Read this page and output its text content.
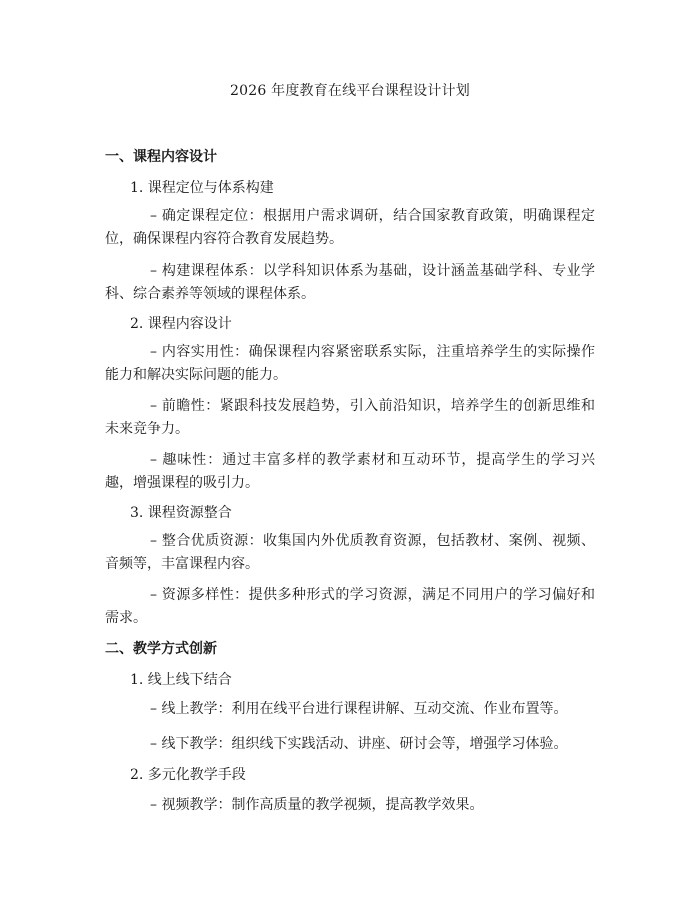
2026 年度教育在线平台课程设计计划
一、课程内容设计
1. 课程定位与体系构建
– 确定课程定位：根据用户需求调研，结合国家教育政策，明确课程定位，确保课程内容符合教育发展趋势。
– 构建课程体系：以学科知识体系为基础，设计涵盖基础学科、专业学科、综合素养等领域的课程体系。
2. 课程内容设计
– 内容实用性：确保课程内容紧密联系实际，注重培养学生的实际操作能力和解决实际问题的能力。
– 前瞻性：紧跟科技发展趋势，引入前沿知识，培养学生的创新思维和未来竞争力。
– 趣味性：通过丰富多样的教学素材和互动环节，提高学生的学习兴趣，增强课程的吸引力。
3. 课程资源整合
– 整合优质资源：收集国内外优质教育资源，包括教材、案例、视频、音频等，丰富课程内容。
– 资源多样性：提供多种形式的学习资源，满足不同用户的学习偏好和需求。
二、教学方式创新
1. 线上线下结合
– 线上教学：利用在线平台进行课程讲解、互动交流、作业布置等。
– 线下教学：组织线下实践活动、讲座、研讨会等，增强学习体验。
2. 多元化教学手段
– 视频教学：制作高质量的教学视频，提高教学效果。
